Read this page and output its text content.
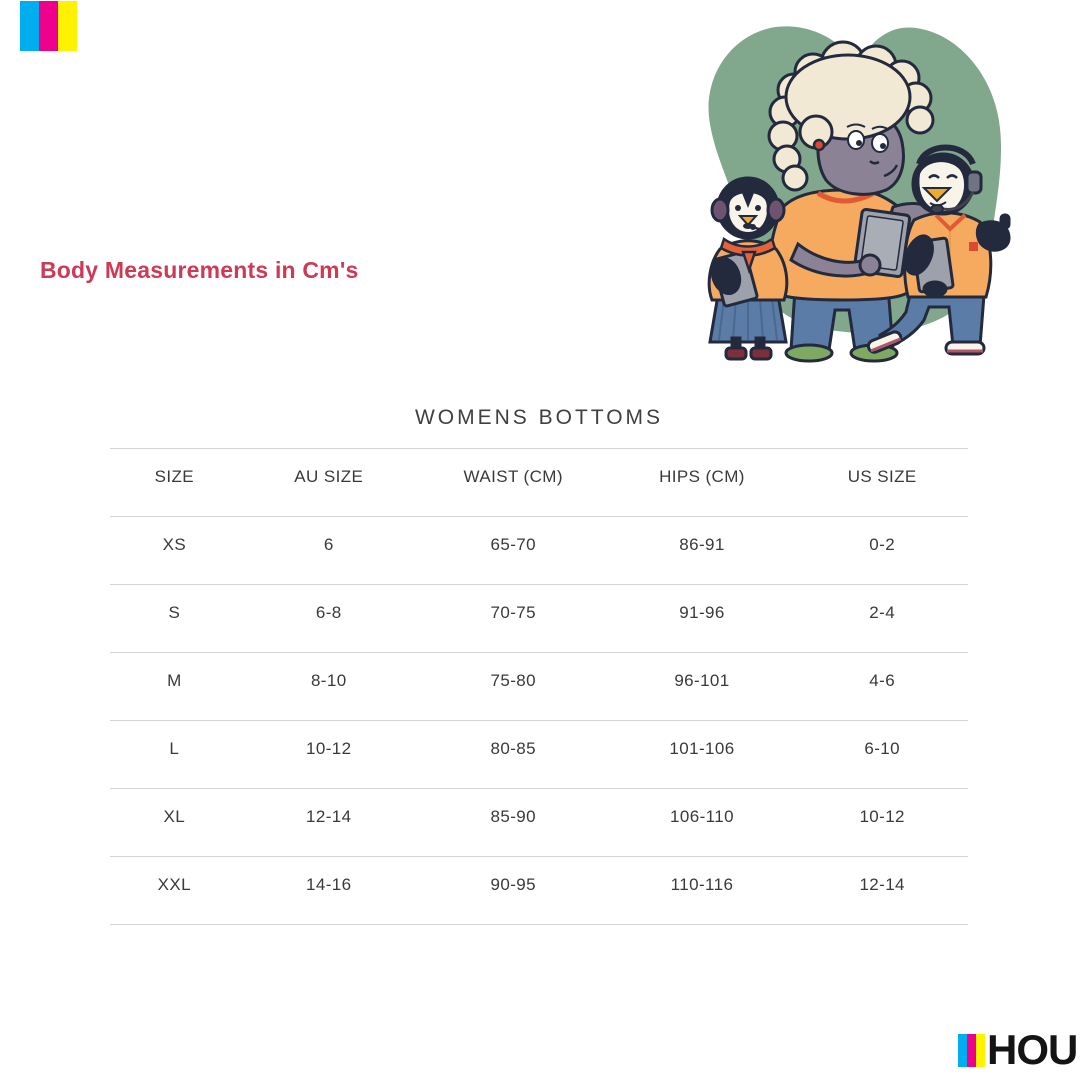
Body Measurements in Cm's
WOMENS BOTTOMS
SIZE	AU SIZE	WAIST (CM)	HIPS (CM)	US SIZE
XS	6	65-70	86-91	0-2
S	6-8	70-75	91-96	2-4
M	8-10	75-80	96-101	4-6
L	10-12	80-85	101-106	6-10
XL	12-14	85-90	106-110	10-12
XXL	14-16	90-95	110-116	12-14
HOU
